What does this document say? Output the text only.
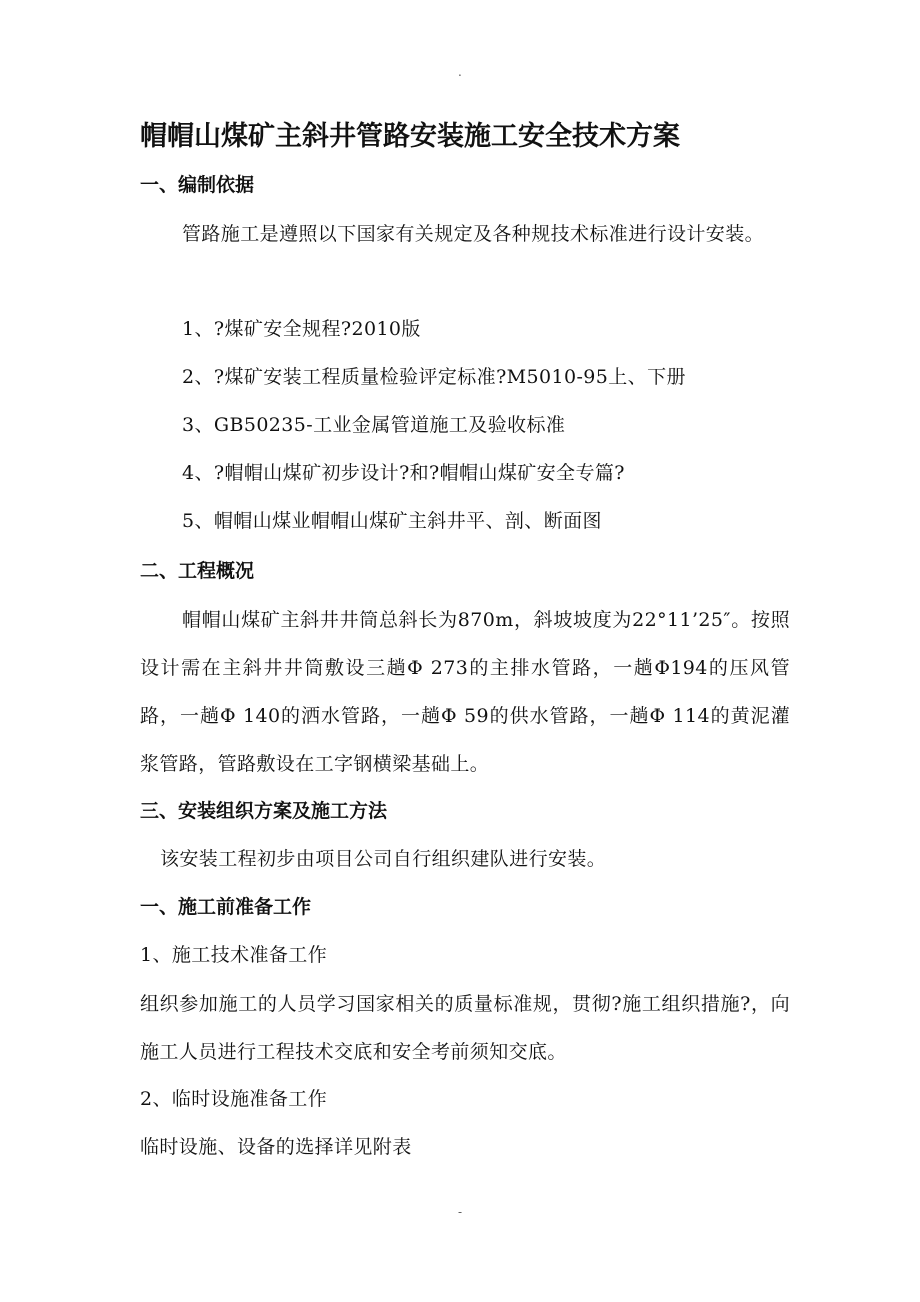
.
帽帽山煤矿主斜井管路安装施工安全技术方案
一、编制依据

管路施工是遵照以下国家有关规定及各种规技术标准进行设计安装。

1、?煤矿安全规程?2010版

2、?煤矿安装工程质量检验评定标准?M5010-95上、下册

3、GB50235-工业金属管道施工及验收标准

4、?帽帽山煤矿初步设计?和?帽帽山煤矿安全专篇?

5、帽帽山煤业帽帽山煤矿主斜井平、剖、断面图

二、工程概况

帽帽山煤矿主斜井井筒总斜长为870m，斜坡坡度为22°11’25″。按照设计需在主斜井井筒敷设三趟Φ 273的主排水管路，一趟Φ194的压风管路，一趟Φ 140的洒水管路，一趟Φ 59的供水管路，一趟Φ 114的黄泥灌浆管路，管路敷设在工字钢横梁基础上。

三、安装组织方案及施工方法

该安装工程初步由项目公司自行组织建队进行安装。

一、施工前准备工作

1、施工技术准备工作

组织参加施工的人员学习国家相关的质量标准规，贯彻?施工组织措施?，向施工人员进行工程技术交底和安全考前须知交底。

2、临时设施准备工作

临时设施、设备的选择详见附表

-
